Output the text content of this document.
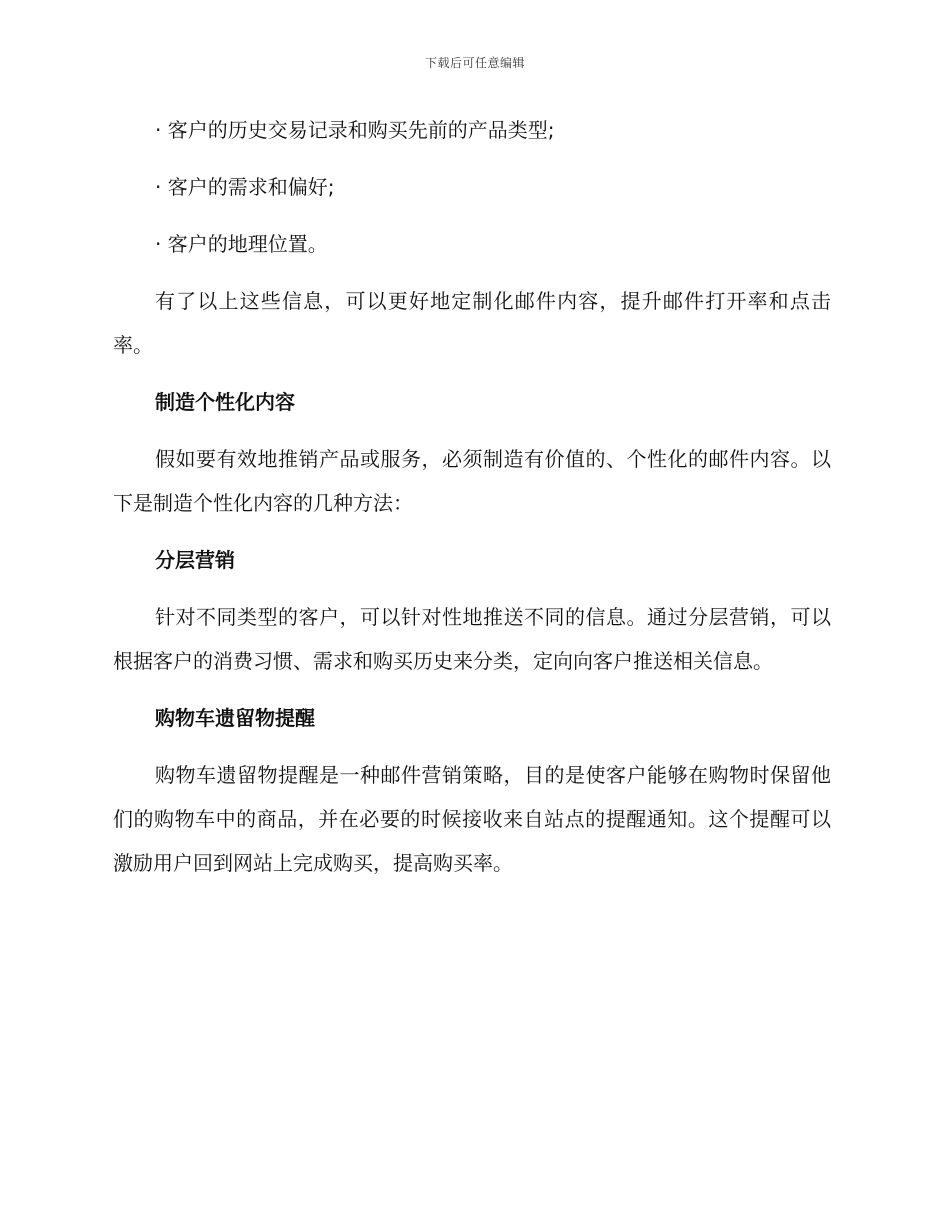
下载后可任意编辑

· 客户的历史交易记录和购买先前的产品类型;

· 客户的需求和偏好;

· 客户的地理位置。

有了以上这些信息，可以更好地定制化邮件内容，提升邮件打开率和点击率。

制造个性化内容

假如要有效地推销产品或服务，必须制造有价值的、个性化的邮件内容。以下是制造个性化内容的几种方法：

分层营销

针对不同类型的客户，可以针对性地推送不同的信息。通过分层营销，可以根据客户的消费习惯、需求和购买历史来分类，定向向客户推送相关信息。

购物车遗留物提醒

购物车遗留物提醒是一种邮件营销策略，目的是使客户能够在购物时保留他们的购物车中的商品，并在必要的时候接收来自站点的提醒通知。这个提醒可以激励用户回到网站上完成购买，提高购买率。
